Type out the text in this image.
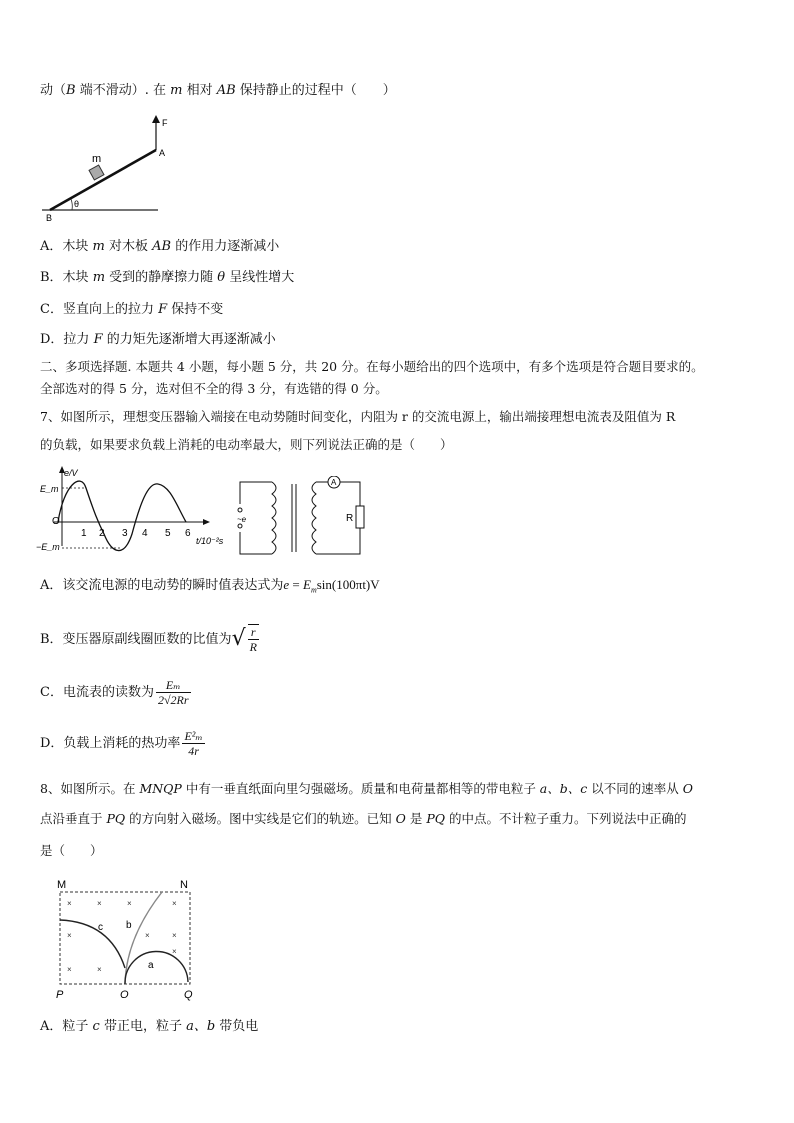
动（B 端不滑动）. 在 m 相对 AB 保持静止的过程中（　　）
F
A
m
B
θ
A．木块 m 对木板 AB 的作用力逐渐减小
B．木块 m 受到的静摩擦力随 θ 呈线性增大
C．竖直向上的拉力 F 保持不变
D．拉力 F 的力矩先逐渐增大再逐渐减小
二、多项选择题. 本题共 4 小题，每小题 5 分，共 20 分。在每小题给出的四个选项中，有多个选项是符合题目要求的。
全部选对的得 5 分，选对但不全的得 3 分，有选错的得 0 分。
7、如图所示，理想变压器输入端接在电动势随时间变化，内阻为 r 的交流电源上，输出端接理想电流表及阻值为 R
的负载，如果要求负载上消耗的电动率最大，则下列说法正确的是（　　）
e/V
E_m
−E_m
O
1 2 3 4 5 6
t/10⁻²s
~e
A
R
A．该交流电源的电动势的瞬时值表达式为$e = E_m\sin(100\pi t)V$
B．变压器原副线圈匝数的比值为√ $\frac{r}{R}$
C．电流表的读数为 $\frac{\text{Eₘ}}{2√2Rr}$
D．负载上消耗的热功率 $\frac{\text{E²ₘ}}{4r}$
8、如图所示。在 MNQP 中有一垂直纸面向里匀强磁场。质量和电荷量都相等的带电粒子 a、b、c 以不同的速率从 O
点沿垂直于 PQ 的方向射入磁场。图中实线是它们的轨迹。已知 O 是 PQ 的中点。不计粒子重力。下列说法中正确的
是（　　）
M	N
P	O	Q
c b
a
×	×	×	×
×	×	×
×	×
×
A．粒子 c 带正电，粒子 a、b 带负电
